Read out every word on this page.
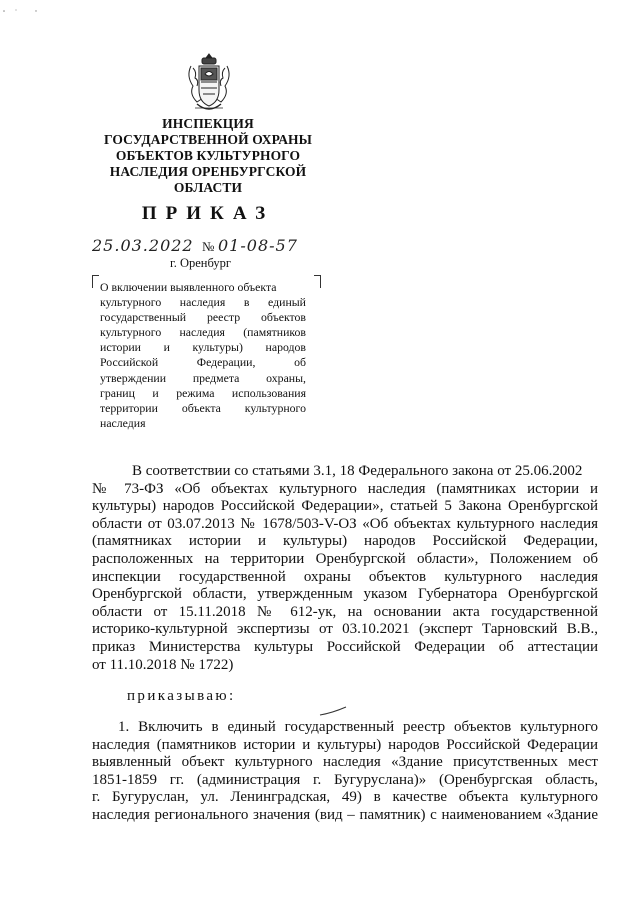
ИНСПЕКЦИЯ
ГОСУДАРСТВЕННОЙ ОХРАНЫ
ОБЪЕКТОВ КУЛЬТУРНОГО
НАСЛЕДИЯ ОРЕНБУРГСКОЙ
ОБЛАСТИ
ПРИКАЗ
25.03.2022 № 01-08-57
г. Оренбург
О включении выявленного объекта
культурного наследия в единый
государственный реестр объектов
культурного наследия (памятников
истории и культуры) народов
Российской Федерации, об
утверждении предмета охраны,
границ и режима использования
территории объекта культурного
наследия
В соответствии со статьями 3.1, 18 Федерального закона от 25.06.2002
№ 73-ФЗ «Об объектах культурного наследия (памятниках истории и
культуры) народов Российской Федерации», статьей 5 Закона Оренбургской
области от 03.07.2013 № 1678/503-V-ОЗ «Об объектах культурного наследия
(памятниках истории и культуры) народов Российской Федерации,
расположенных на территории Оренбургской области», Положением об
инспекции государственной охраны объектов культурного наследия
Оренбургской области, утвержденным указом Губернатора Оренбургской
области от 15.11.2018 № 612-ук, на основании акта государственной
историко-культурной экспертизы от 03.10.2021 (эксперт Тарновский В.В.,
приказ Министерства культуры Российской Федерации об аттестации
от 11.10.2018 № 1722)
приказываю:
1. Включить в единый государственный реестр объектов культурного
наследия (памятников истории и культуры) народов Российской Федерации
выявленный объект культурного наследия «Здание присутственных мест
1851-1859 гг. (администрация г. Бугуруслана)» (Оренбургская область,
г. Бугуруслан, ул. Ленинградская, 49) в качестве объекта культурного
наследия регионального значения (вид – памятник) с наименованием «Здание
